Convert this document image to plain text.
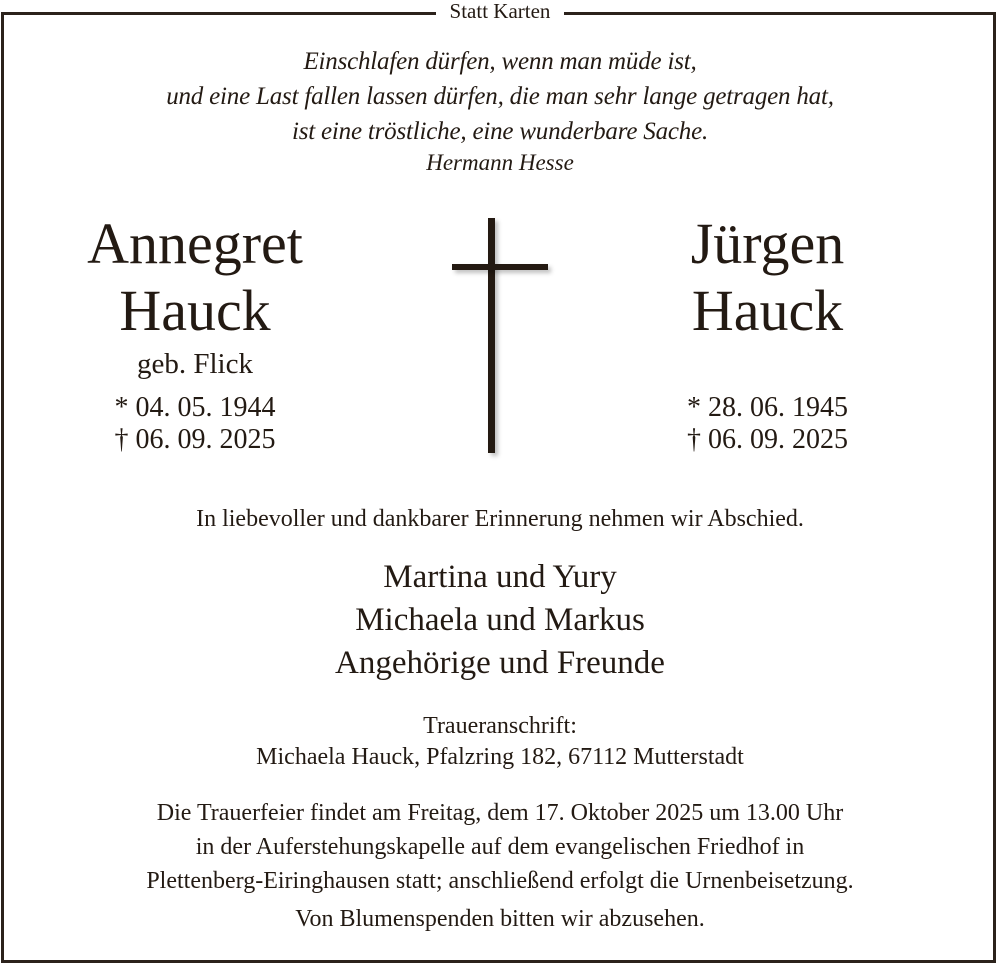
Statt Karten
Einschlafen dürfen, wenn man müde ist,
und eine Last fallen lassen dürfen, die man sehr lange getragen hat,
ist eine tröstliche, eine wunderbare Sache.
Hermann Hesse
Annegret
Hauck
geb. Flick
* 04. 05. 1944
† 06. 09. 2025
Jürgen
Hauck
* 28. 06. 1945
† 06. 09. 2025
In liebevoller und dankbarer Erinnerung nehmen wir Abschied.
Martina und Yury
Michaela und Markus
Angehörige und Freunde
Traueranschrift:
Michaela Hauck, Pfalzring 182, 67112 Mutterstadt
Die Trauerfeier findet am Freitag, dem 17. Oktober 2025 um 13.00 Uhr
in der Auferstehungskapelle auf dem evangelischen Friedhof in
Plettenberg-Eiringhausen statt; anschließend erfolgt die Urnenbeisetzung.
Von Blumenspenden bitten wir abzusehen.
